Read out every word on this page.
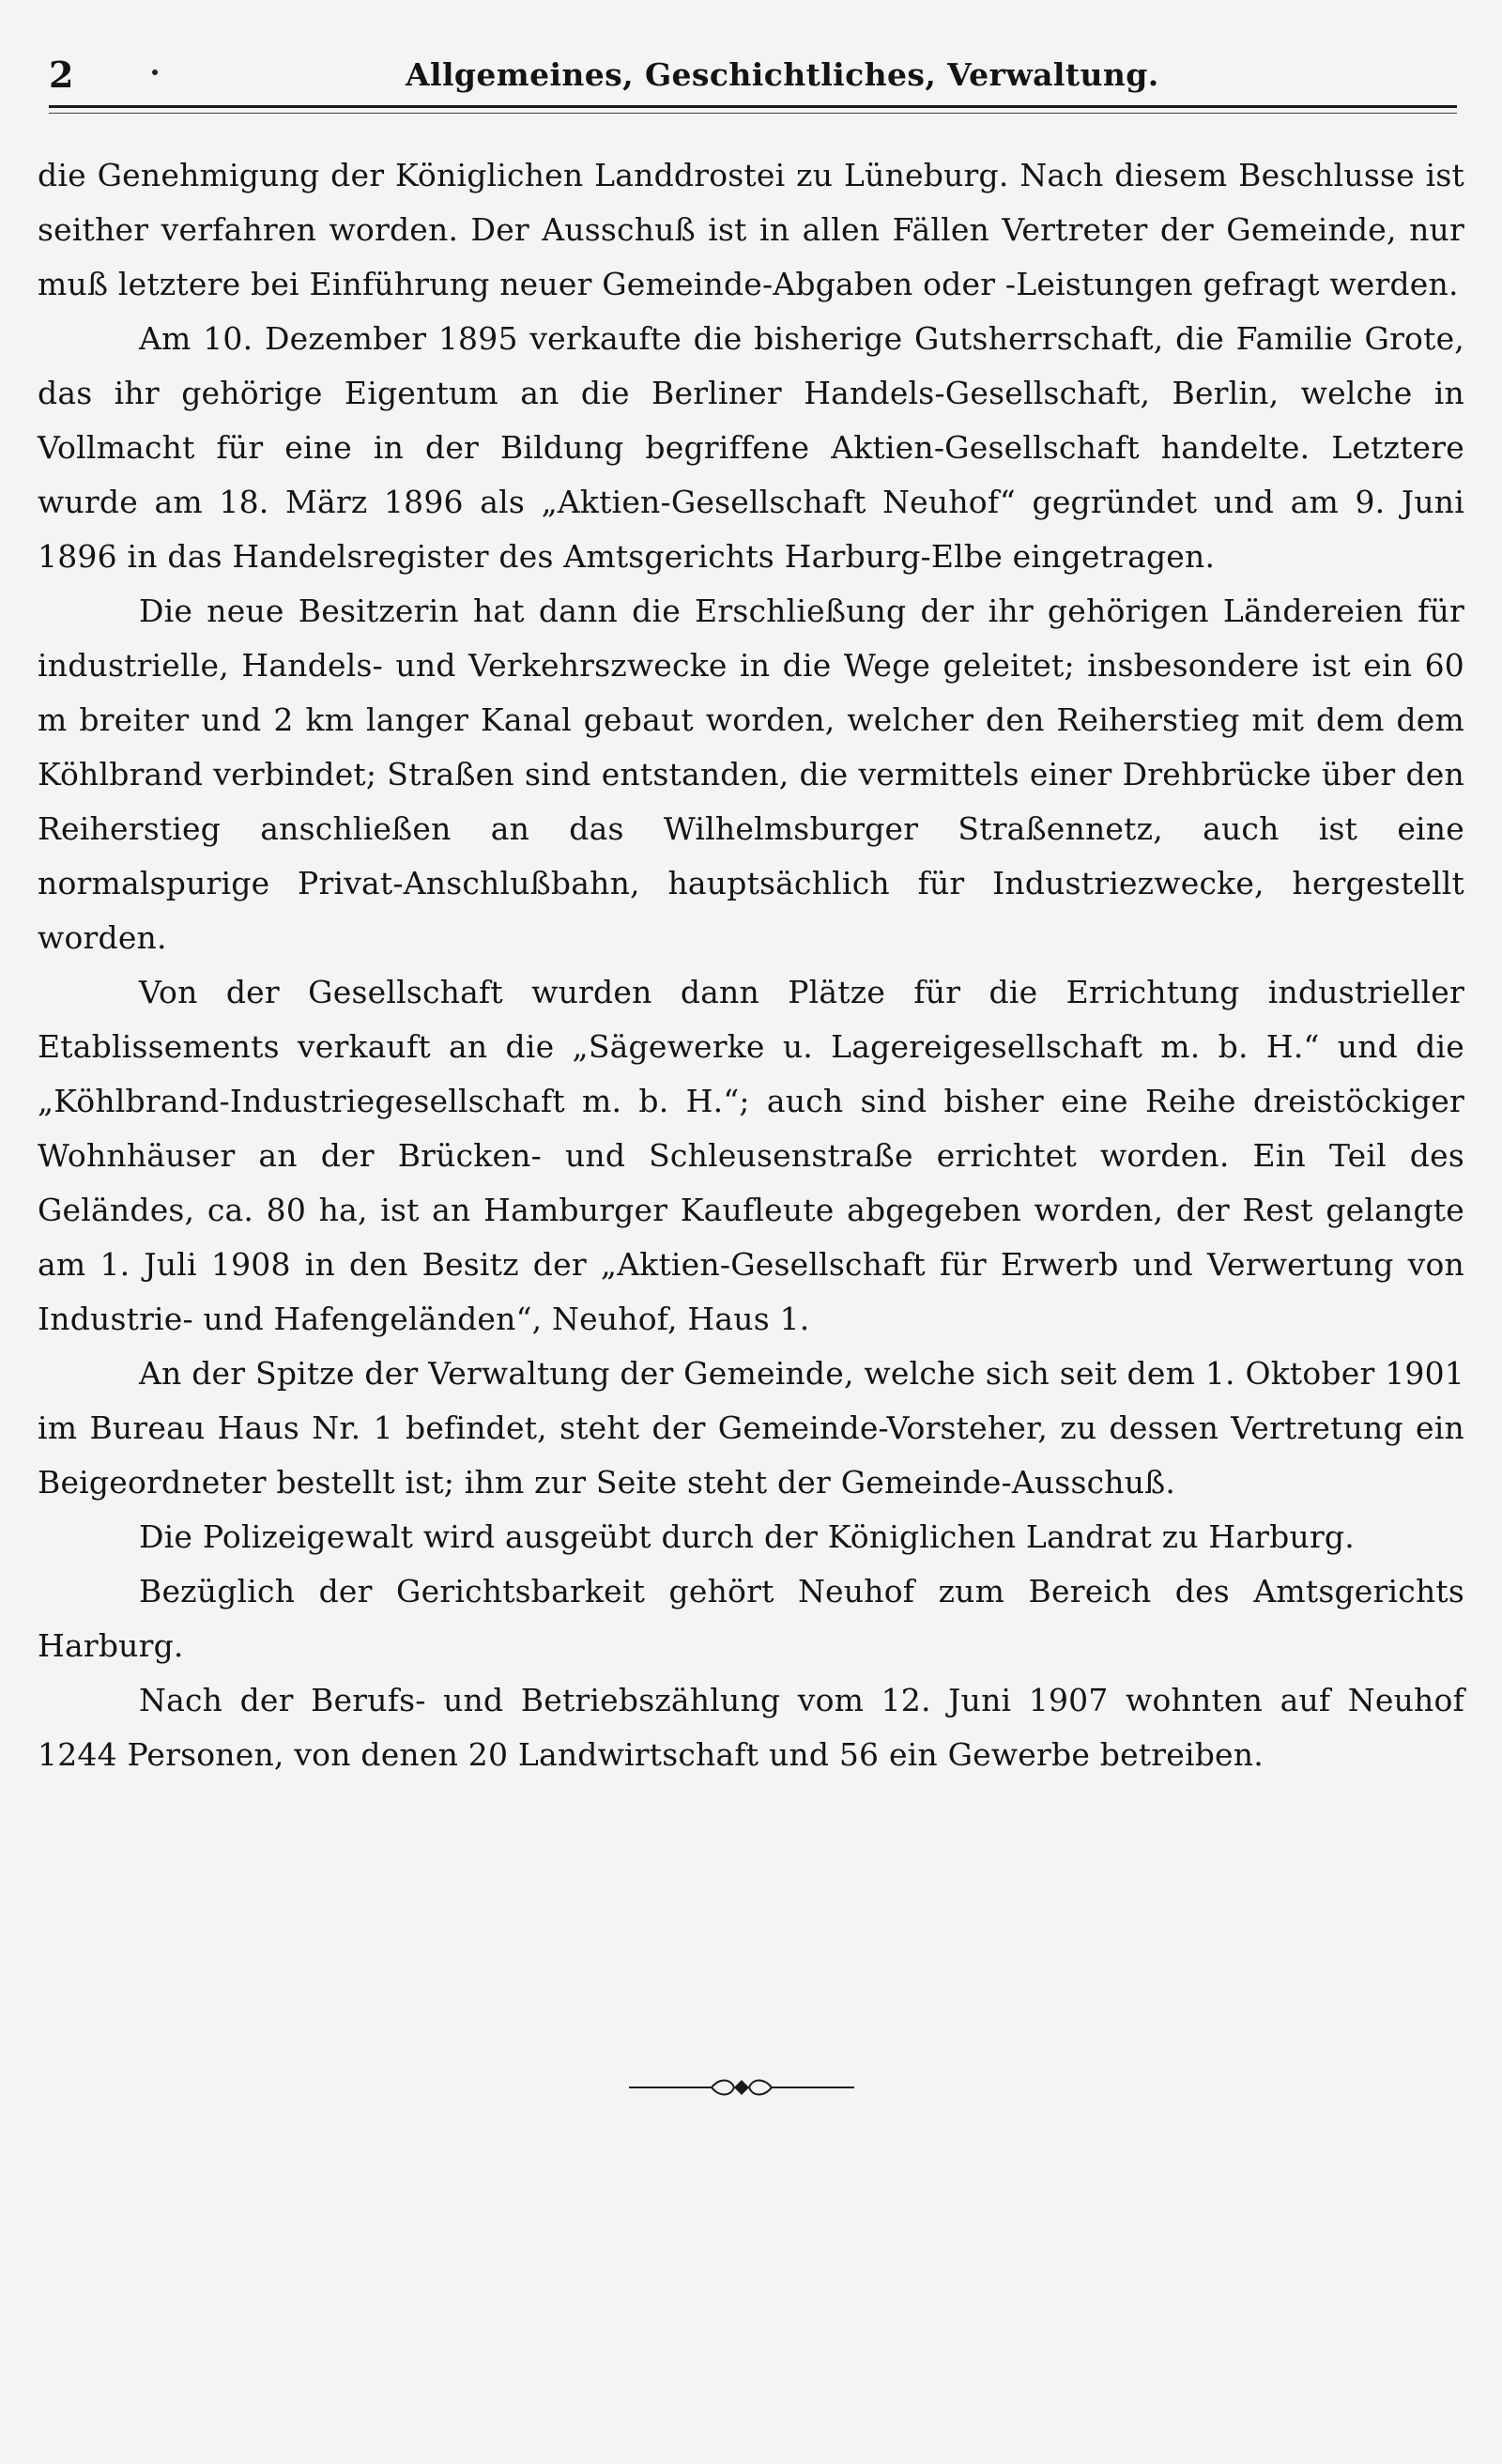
2	Allgemeines, Geschichtliches, Verwaltung.

die Genehmigung der Königlichen Landdrostei zu Lüneburg. Nach diesem Beschlusse ist seither verfahren worden. Der Ausschuß ist in allen Fällen Vertreter der Gemeinde, nur muß letztere bei Einführung neuer Gemeinde-Abgaben oder -Leistungen gefragt werden.

Am 10. Dezember 1895 verkaufte die bisherige Gutsherrschaft, die Familie Grote, das ihr gehörige Eigentum an die Berliner Handels-Gesellschaft, Berlin, welche in Vollmacht für eine in der Bildung begriffene Aktien-Gesellschaft handelte. Letztere wurde am 18. März 1896 als „Aktien-Gesellschaft Neuhof“ gegründet und am 9. Juni 1896 in das Handelsregister des Amtsgerichts Harburg-Elbe eingetragen.

Die neue Besitzerin hat dann die Erschließung der ihr gehörigen Ländereien für industrielle, Handels- und Verkehrszwecke in die Wege geleitet; insbesondere ist ein 60 m breiter und 2 km langer Kanal gebaut worden, welcher den Reiherstieg mit dem dem Köhlbrand verbindet; Straßen sind entstanden, die vermittels einer Drehbrücke über den Reiherstieg anschließen an das Wilhelmsburger Straßennetz, auch ist eine normalspurige Privat-Anschlußbahn, hauptsächlich für Industriezwecke, hergestellt worden.

Von der Gesellschaft wurden dann Plätze für die Errichtung industrieller Etablissements verkauft an die „Sägewerke u. Lagereigesellschaft m. b. H.“ und die „Köhlbrand-Industriegesellschaft m. b. H.“; auch sind bisher eine Reihe dreistöckiger Wohnhäuser an der Brücken- und Schleusenstraße errichtet worden. Ein Teil des Geländes, ca. 80 ha, ist an Hamburger Kaufleute abgegeben worden, der Rest gelangte am 1. Juli 1908 in den Besitz der „Aktien-Gesellschaft für Erwerb und Verwertung von Industrie- und Hafengeländen“, Neuhof, Haus 1.

An der Spitze der Verwaltung der Gemeinde, welche sich seit dem 1. Oktober 1901 im Bureau Haus Nr. 1 befindet, steht der Gemeinde-Vorsteher, zu dessen Vertretung ein Beigeordneter bestellt ist; ihm zur Seite steht der Gemeinde-Ausschuß.

Die Polizeigewalt wird ausgeübt durch der Königlichen Landrat zu Harburg.

Bezüglich der Gerichtsbarkeit gehört Neuhof zum Bereich des Amtsgerichts Harburg.

Nach der Berufs- und Betriebszählung vom 12. Juni 1907 wohnten auf Neuhof 1244 Personen, von denen 20 Landwirtschaft und 56 ein Gewerbe betreiben.
